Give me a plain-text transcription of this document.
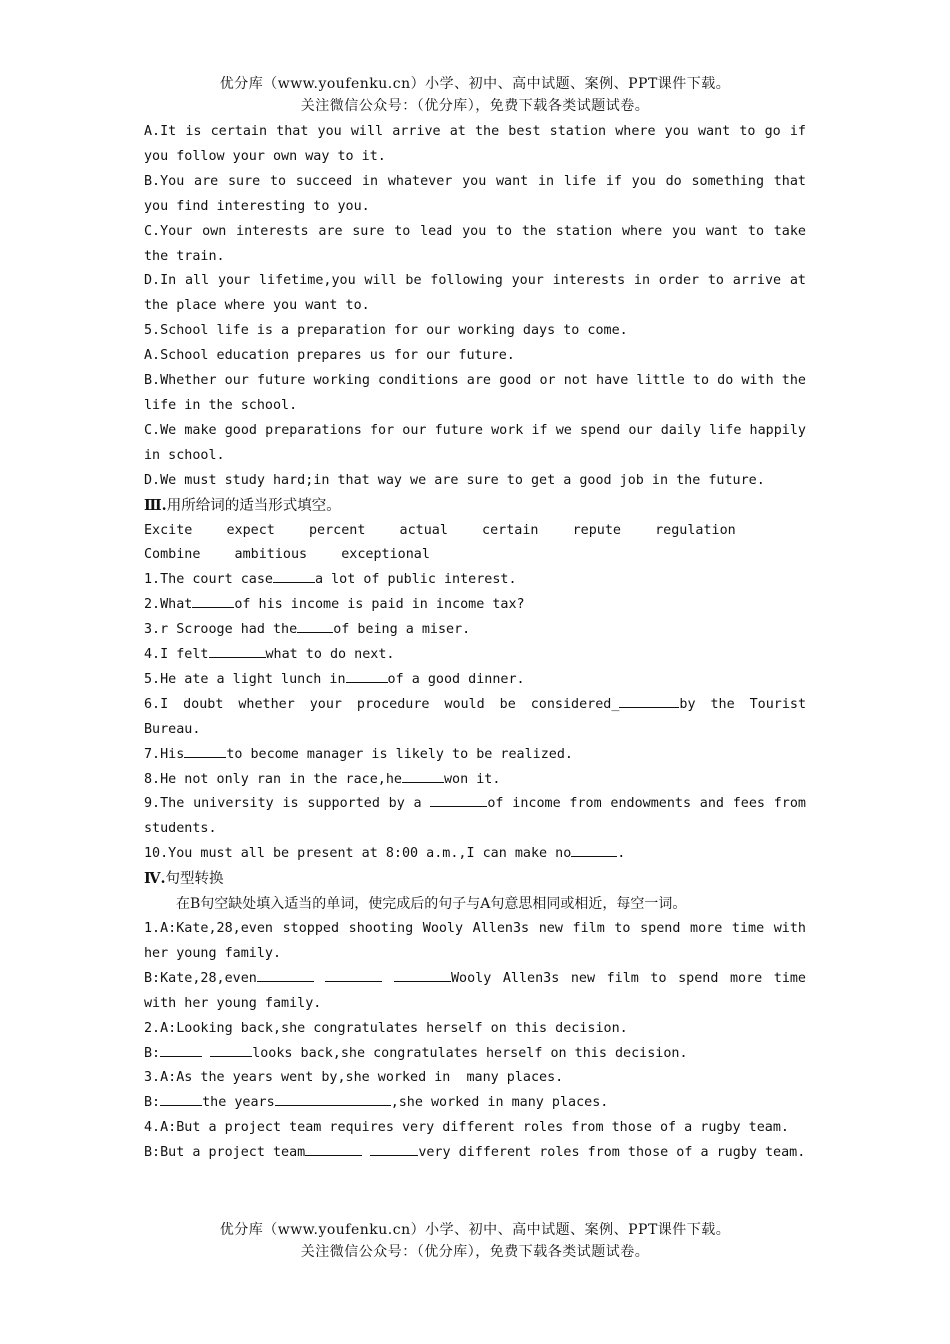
优分库（www.youfenku.cn）小学、初中、高中试题、案例、PPT课件下载。
关注微信公众号：（优分库），免费下载各类试题试卷。

A.It is certain that you will arrive at the best station where you want to go if you follow your own way to it.

B.You are sure to succeed in whatever you want in life if you do something that you find interesting to you.

C.Your own interests are sure to lead you to the station where you want to take the train.

D.In all your lifetime,you will be following your interests in order to arrive at the place where you want to.

5.School life is a preparation for our working days to come.

A.School education prepares us for our future.

B.Whether our future working conditions are good or not have little to do with the life in the school.

C.We make good preparations for our future work if we spend our daily life happily in school.

D.We must study hard;in that way we are sure to get a good job in the future.

Ⅲ.用所给词的适当形式填空。

Excite  expect  percent  actual  certain  repute  regulation

Combine  ambitious  exceptional

1.The court case	a lot of public interest.

2.What	of his income is paid in income tax?

3.r Scrooge had the	of being a miser.

4.I felt	what to do next.

5.He ate a light lunch in	of a good dinner.

6.I doubt whether your procedure would be considered_	by the Tourist Bureau.

7.His	to become manager is likely to be realized.

8.He not only ran in the race,he	won it.

9.The university is supported by a	of income from endowments and fees from students.

10.You must all be present at 8:00 a.m.,I can make no	.

Ⅳ.句型转换

在B句空缺处填入适当的单词，使完成后的句子与A句意思相同或相近，每空一词。

1.A:Kate,28,even stopped shooting Wooly Allen3s new film to spend more time with her young family.

B:Kate,28,even	Wooly Allen3s new film to spend more time with her young family.

2.A:Looking back,she congratulates herself on this decision.

B:	looks back,she congratulates herself on this decision.

3.A:As the years went by,she worked in  many places.

B:	the years	,she worked in many places.

4.A:But a project team requires very different roles from those of a rugby team.

B:But a project team	very different roles from those of a rugby team.

优分库（www.youfenku.cn）小学、初中、高中试题、案例、PPT课件下载。
关注微信公众号：（优分库），免费下载各类试题试卷。
